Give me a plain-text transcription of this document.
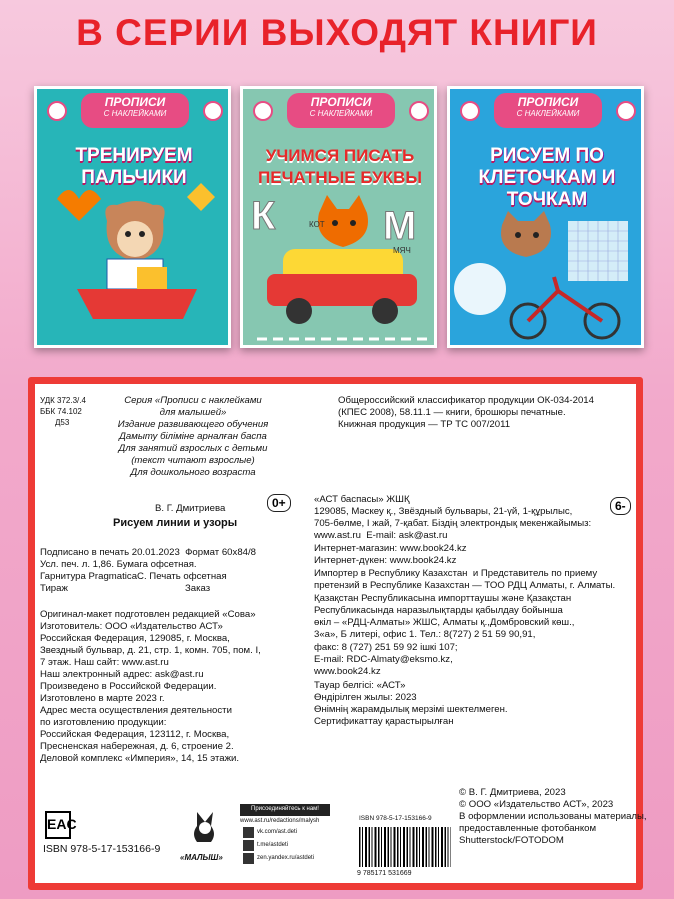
В СЕРИИ ВЫХОДЯТ КНИГИ
ПРОПИСИ
С НАКЛЕЙКАМИ
ТРЕНИРУЕМ ПАЛЬЧИКИ
ПРОПИСИ
С НАКЛЕЙКАМИ
УЧИМСЯ ПИСАТЬ ПЕЧАТНЫЕ БУКВЫ
К	М
КОТ
МЯЧ
ПРОПИСИ
С НАКЛЕЙКАМИ
РИСУЕМ ПО КЛЕТОЧКАМ И ТОЧКАМ
УДК 372.3/.4
ББК 74.102
Д53
Серия «Прописи с наклейками
для малышей»
Издание развивающего обучения
Дамыту біліміне арналған баспа
Для занятий взрослых с детьми
(текст читают взрослые)
Для дошкольного возраста
Общероссийский классификатор продукции ОК-034-2014
(КПЕС 2008), 58.11.1 — книги, брошюры печатные.
Книжная продукция — ТР ТС 007/2011
В. Г. Дмитриева
Рисуем линии и узоры
0+	6-
Подписано в печать 20.01.2023  Формат 60x84/8
Усл. печ. л. 1,86. Бумага офсетная.
Гарнитура PragmaticaC. Печать офсетная
Тираж	Заказ
Оригинал-макет подготовлен редакцией «Сова»
Изготовитель: ООО «Издательство АСТ»
Российская Федерация, 129085, г. Москва,
Звездный бульвар, д. 21, стр. 1, комн. 705, пом. I,
7 этаж. Наш сайт: www.ast.ru
Наш электронный адрес: ask@ast.ru
Произведено в Российской Федерации.
Изготовлено в марте 2023 г.
Адрес места осуществления деятельности
по изготовлению продукции:
Российская Федерация, 123112, г. Москва,
Пресненская набережная, д. 6, строение 2.
Деловой комплекс «Империя», 14, 15 этажи.
«АСТ баспасы» ЖШҚ
129085, Мәскеу қ., Звёздный бульвары, 21-үй, 1-құрылыс,
705-бөлме, I жай, 7-қабат. Біздің электрондық мекенжайымыз:
www.ast.ru  E-mail: ask@ast.ru
Интернет-магазин: www.book24.kz
Интернет-дүкен: www.book24.kz
Импортер в Республику Казахстан  и Представитель по приему
претензий в Республике Казахстан — ТОО РДЦ Алматы, г. Алматы.
Қазақстан Республикасына импорттаушы және Қазақстан
Республикасында наразылықтарды қабылдау бойынша
өкіл – «РДЦ-Алматы» ЖШС, Алматы қ.,Домбровский көш.,
3«а», Б литері, офис 1. Тел.: 8(727) 2 51 59 90,91,
факс: 8 (727) 251 59 92 ішкі 107;
E-mail: RDC-Almaty@eksmo.kz,
www.book24.kz
Тауар белгісі: «АСТ»
Өндірілген жылы: 2023
Өнімнің жарамдылық мерзімі шектелмеген.
Сертификаттау қарастырылған
EAC
ISBN 978-5-17-153166-9
«МАЛЫШ»
Присоединяйтесь к нам!
www.ast.ru/redactions/malysh
vk.com/ast.deti
t.me/astdeti
zen.yandex.ru/astdeti
ISBN 978-5-17-153166-9
9 785171 531669
© В. Г. Дмитриева, 2023
© ООО «Издательство АСТ», 2023
В оформлении использованы материалы,
предоставленные фотобанком
Shutterstock/FOTODOM
